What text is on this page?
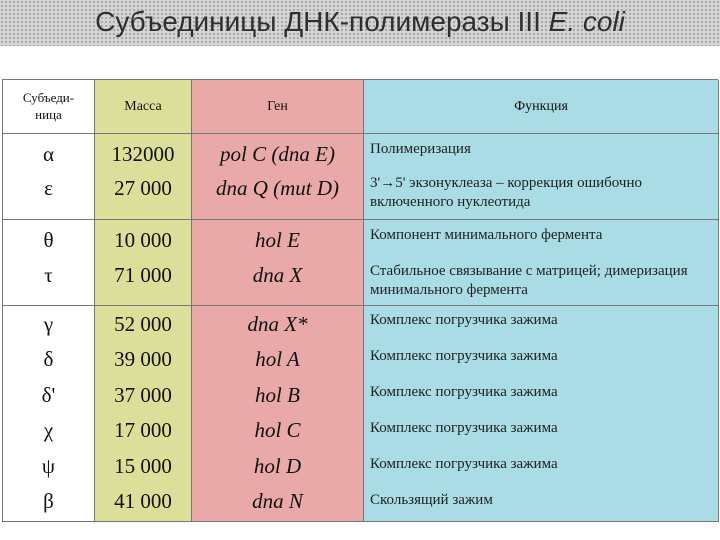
Субъединицы ДНК-полимеразы III E. coli
Субъеди-
ница
Масса	Ген	Функция
α
ε
132000
27 000
pol C (dna E)
dna Q (mut D)
Полимеризация
3'→5' экзонуклеаза – коррекция ошибочно включенного нуклеотида
θ
τ
10 000
71 000
hol E
dna X
Компонент минимального фермента
Стабильное связывание с матрицей; димеризация минимального фермента
γ
δ
δ'
χ
ψ
β
52 000
39 000
37 000
17 000
15 000
41 000
dna X*
hol A
hol B
hol C
hol D
dna N
Комплекс погрузчика зажима
Комплекс погрузчика зажима
Комплекс погрузчика зажима
Комплекс погрузчика зажима
Комплекс погрузчика зажима
Скользящий зажим
